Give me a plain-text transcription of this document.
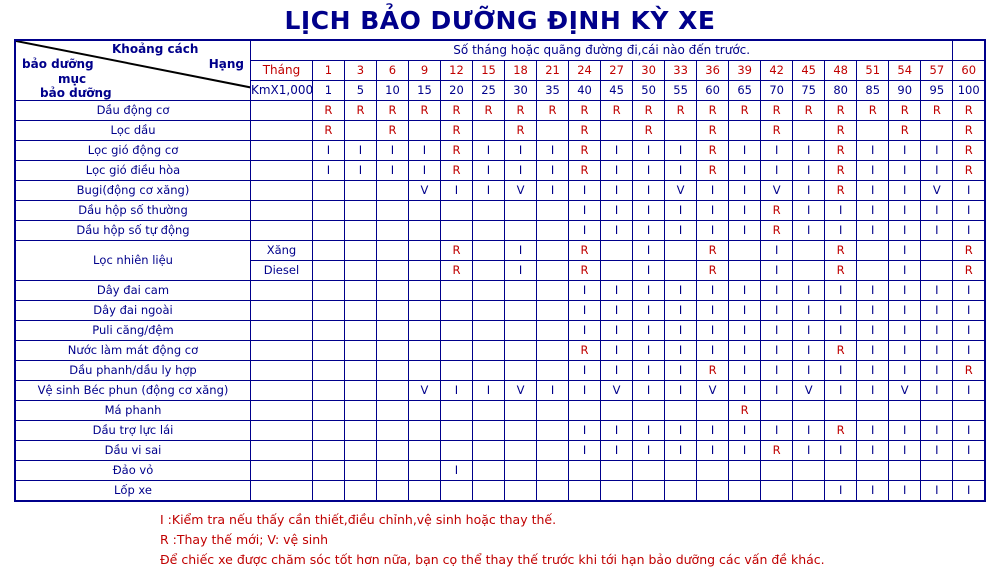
LỊCH BẢO DƯỠNG ĐỊNH KỲ XE
Khoảng cách
bảo dưỡng
mục
bảo dưỡng
Hạng	Số tháng hoặc quãng đường đi,cái nào đến trước.																					
	Tháng	1	3	6	9	12	15	18	21	24	27	30	33	36	39	42	45	48	51	54	57	60
	KmX1,000	1	5	10	15	20	25	30	35	40	45	50	55	60	65	70	75	80	85	90	95	100
Dầu động cơ		R	R	R	R	R	R	R	R	R	R	R	R	R	R	R	R	R	R	R	R	R
Lọc dầu		R		R		R		R		R		R		R		R		R		R		R
Lọc gió động cơ		I	I	I	I	R	I	I	I	R	I	I	I	R	I	I	I	R	I	I	I	R
Lọc gió điều hòa		I	I	I	I	R	I	I	I	R	I	I	I	R	I	I	I	R	I	I	I	R
Bugi(động cơ xăng)					V	I	I	V	I	I	I	I	V	I	I	V	I	R	I	I	V	I
Dầu hộp số thường										I	I	I	I	I	I	R	I	I	I	I	I	I
Dầu hộp số tự động										I	I	I	I	I	I	R	I	I	I	I	I	I
Lọc nhiên liệu	Xăng					R		I		R		I		R		I		R		I		R
	Diesel					R		I		R		I		R		I		R		I		R
Dây đai cam										I	I	I	I	I	I	I	I	I	I	I	I	I
Dây đai ngoài										I	I	I	I	I	I	I	I	I	I	I	I	I
Puli căng/đệm										I	I	I	I	I	I	I	I	I	I	I	I	I
Nước làm mát động cơ										R	I	I	I	I	I	I	I	R	I	I	I	I
Dầu phanh/dầu ly hợp										I	I	I	I	R	I	I	I	I	I	I	I	R
Vệ sinh Béc phun (động cơ xăng)					V	I	I	V	I	I	V	I	I	V	I	I	V	I	I	V	I	I
Má phanh															R							
Dầu trợ lực lái										I	I	I	I	I	I	I	I	R	I	I	I	I
Dầu vi sai										I	I	I	I	I	I	R	I	I	I	I	I	I
Đảo vỏ						I																
Lốp xe																		I	I	I	I	I
I :Kiểm tra nếu thấy cần thiết,điều chỉnh,vệ sinh hoặc thay thế.
R :Thay thế mới; V: vệ sinh
Để chiếc xe được chăm sóc tốt hơn nữa, bạn cọ thể thay thế trước khi tới hạn bảo dưỡng các vấn đề khác.
